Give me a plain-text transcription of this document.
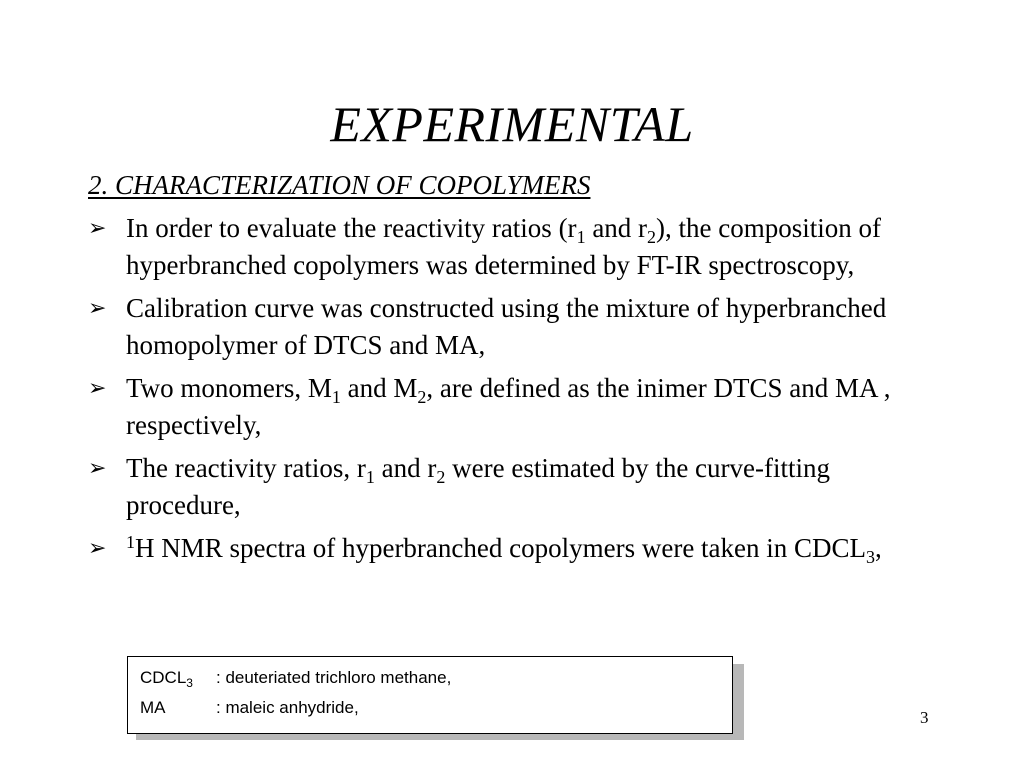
EXPERIMENTAL
2. CHARACTERIZATION OF COPOLYMERS
➢ In order to evaluate the reactivity ratios ($r_1$ and $r_2$), the composition of hyperbranched copolymers was determined by FT-IR spectroscopy,
➢ Calibration curve was constructed using the mixture of hyperbranched homopolymer of DTCS and MA,
➢ Two monomers, $M_1$ and $M_2$, are defined as the inimer DTCS and MA , respectively,
➢ The reactivity ratios, $r_1$ and $r_2$ were estimated by the curve-fitting procedure,
➢ $^1$H NMR spectra of hyperbranched copolymers were taken in $CDCL_3$,
$CDCL_3$ : deuteriated trichloro methane,
MA	: maleic anhydride,
3
